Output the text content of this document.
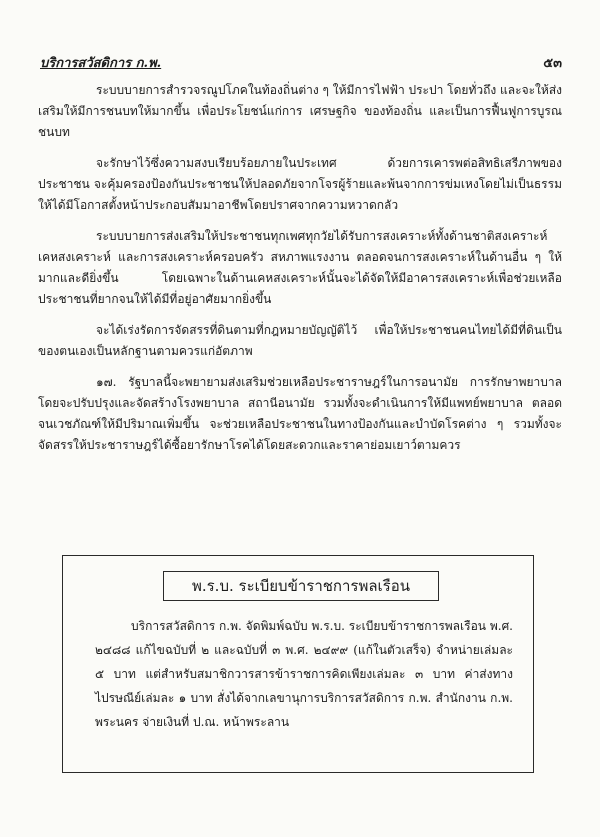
บริการสวัสดิการ ก.พ.	๕๓

ระบบบายการสำรวจรณูปโภคในท้องถิ่นต่าง ๆ ให้มีการไฟฟ้า ประปา โดยทั่วถึง และจะให้ส่งเสริมให้มีการชนบทให้มากขึ้น เพื่อประโยชน์แก่การ เศรษฐกิจ ของท้องถิ่น และเป็นการฟื้นฟูการบูรณชนบท

จะรักษาไว้ซึ่งความสงบเรียบร้อยภายในประเทศ ด้วยการเคารพต่อสิทธิเสรีภาพของประชาชน จะคุ้มครองป้องกันประชาชนให้ปลอดภัยจากโจรผู้ร้ายและพ้นจากการข่มเหงโดยไม่เป็นธรรม ให้ได้มีโอกาสตั้งหน้าประกอบสัมมาอาชีพโดยปราศจากความหวาดกลัว

ระบบบายการส่งเสริมให้ประชาชนทุกเพศทุกวัยได้รับการสงเคราะห์ทั้งด้านชาติสงเคราะห์ เคหสงเคราะห์ และการสงเคราะห์ครอบครัว สหภาพแรงงาน ตลอดจนการสงเคราะห์ในด้านอื่น ๆ ให้มากและดียิ่งขึ้น โดยเฉพาะในด้านเคหสงเคราะห์นั้นจะได้จัดให้มีอาคารสงเคราะห์เพื่อช่วยเหลือประชาชนที่ยากจนให้ได้มีที่อยู่อาศัยมากยิ่งขึ้น

จะได้เร่งรัดการจัดสรรที่ดินตามที่กฎหมายบัญญัติไว้ เพื่อให้ประชาชนคนไทยได้มีที่ดินเป็นของตนเองเป็นหลักฐานตามควรแก่อัตภาพ

๑๗. รัฐบาลนี้จะพยายามส่งเสริมช่วยเหลือประชาราษฎร์ในการอนามัย การรักษาพยาบาล โดยจะปรับปรุงและจัดสร้างโรงพยาบาล สถานีอนามัย รวมทั้งจะดำเนินการให้มีแพทย์พยาบาล ตลอดจนเวชภัณฑ์ให้มีปริมาณเพิ่มขึ้น จะช่วยเหลือประชาชนในทางป้องกันและบำบัดโรคต่าง ๆ รวมทั้งจะจัดสรรให้ประชาราษฎร์ได้ซื้อยารักษาโรคได้โดยสะดวกและราคาย่อมเยาว์ตามควร

พ.ร.บ. ระเบียบข้าราชการพลเรือน

บริการสวัสดิการ ก.พ. จัดพิมพ์ฉบับ พ.ร.บ. ระเบียบข้าราชการพลเรือน พ.ศ. ๒๔๘๘ แก้ไขฉบับที่ ๒ และฉบับที่ ๓ พ.ศ. ๒๔๙๙ (แก้ในตัวเสร็จ) จำหน่ายเล่มละ ๕ บาท แต่สำหรับสมาชิกวารสารข้าราชการคิดเพียงเล่มละ ๓ บาท ค่าส่งทางไปรษณีย์เล่มละ ๑ บาท สั่งได้จากเลขานุการบริการสวัสดิการ ก.พ. สำนักงาน ก.พ. พระนคร จ่ายเงินที่ ป.ณ. หน้าพระลาน
